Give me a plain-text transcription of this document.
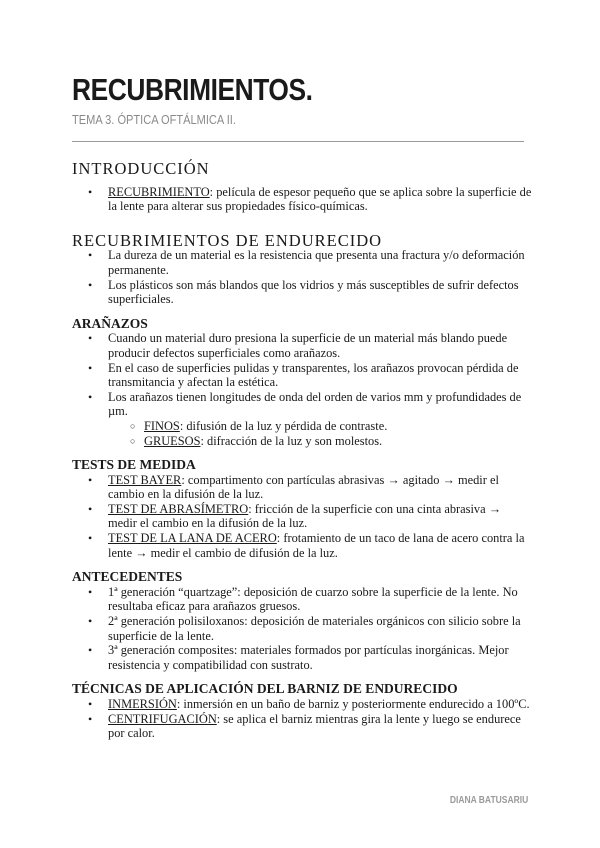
RECUBRIMIENTOS.
TEMA 3. ÓPTICA OFTÁLMICA II.
INTRODUCCIÓN
• RECUBRIMIENTO: película de espesor pequeño que se aplica sobre la superficie de la lente para alterar sus propiedades físico-químicas.
RECUBRIMIENTOS DE ENDURECIDO
• La dureza de un material es la resistencia que presenta una fractura y/o deformación permanente.
• Los plásticos son más blandos que los vidrios y más susceptibles de sufrir defectos superficiales.
ARAÑAZOS
• Cuando un material duro presiona la superficie de un material más blando puede producir defectos superficiales como arañazos.
• En el caso de superficies pulidas y transparentes, los arañazos provocan pérdida de transmitancia y afectan la estética.
• Los arañazos tienen longitudes de onda del orden de varios mm y profundidades de µm.
○ FINOS: difusión de la luz y pérdida de contraste.
○ GRUESOS: difracción de la luz y son molestos.
TESTS DE MEDIDA
• TEST BAYER: compartimento con partículas abrasivas → agitado → medir el cambio en la difusión de la luz.
• TEST DE ABRASÍMETRO: fricción de la superficie con una cinta abrasiva → medir el cambio en la difusión de la luz.
• TEST DE LA LANA DE ACERO: frotamiento de un taco de lana de acero contra la lente → medir el cambio de difusión de la luz.
ANTECEDENTES
• 1ª generación “quartzage”: deposición de cuarzo sobre la superficie de la lente. No resultaba eficaz para arañazos gruesos.
• 2ª generación polisiloxanos: deposición de materiales orgánicos con silicio sobre la superficie de la lente.
• 3ª generación composites: materiales formados por partículas inorgánicas. Mejor resistencia y compatibilidad con sustrato.
TÉCNICAS DE APLICACIÓN DEL BARNIZ DE ENDURECIDO
• INMERSIÓN: inmersión en un baño de barniz y posteriormente endurecido a 100ºC.
• CENTRIFUGACIÓN: se aplica el barniz mientras gira la lente y luego se endurece por calor.
DIANA BATUSARIU
